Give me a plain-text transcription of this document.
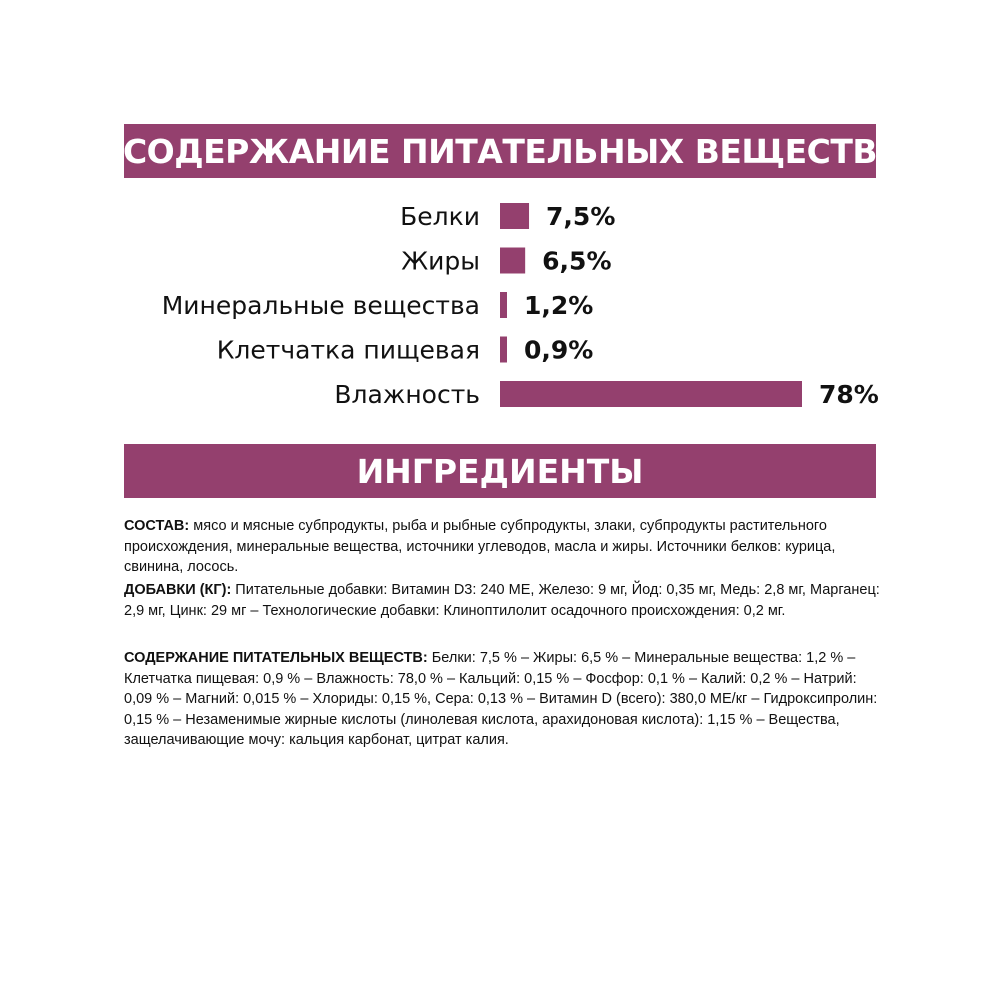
СОДЕРЖАНИЕ ПИТАТЕЛЬНЫХ ВЕЩЕСТВ
Белки	7,5%
Жиры 6,5%
Минеральные вещества 1,2%
Клетчатка пищевая 0,9%
Влажность	78%
ИНГРЕДИЕНТЫ

СОСТАВ: мясо и мясные субпродукты, рыба и рыбные субпродукты, злаки, субпродукты растительного происхождения, минеральные вещества, источники углеводов, масла и жиры. Источники белков: курица, свинина, лосось.

ДОБАВКИ (КГ): Питательные добавки: Витамин D3: 240 МЕ, Железо: 9 мг, Йод: 0,35 мг, Медь: 2,8 мг, Марганец: 2,9 мг, Цинк: 29 мг – Технологические добавки: Клиноптилолит осадочного происхождения: 0,2 мг.

СОДЕРЖАНИЕ ПИТАТЕЛЬНЫХ ВЕЩЕСТВ: Белки: 7,5 % – Жиры: 6,5 % – Минеральные вещества: 1,2 % – Клетчатка пищевая: 0,9 % – Влажность: 78,0 % – Кальций: 0,15 % – Фосфор: 0,1 % – Калий: 0,2 % – Натрий: 0,09 % – Магний: 0,015 % – Хлориды: 0,15 %, Сера: 0,13 % – Витамин D (всего): 380,0 МЕ/кг – Гидроксипролин: 0,15 % – Незаменимые жирные кислоты (линолевая кислота, арахидоновая кислота): 1,15 % – Вещества, защелачивающие мочу: кальция карбонат, цитрат калия.
